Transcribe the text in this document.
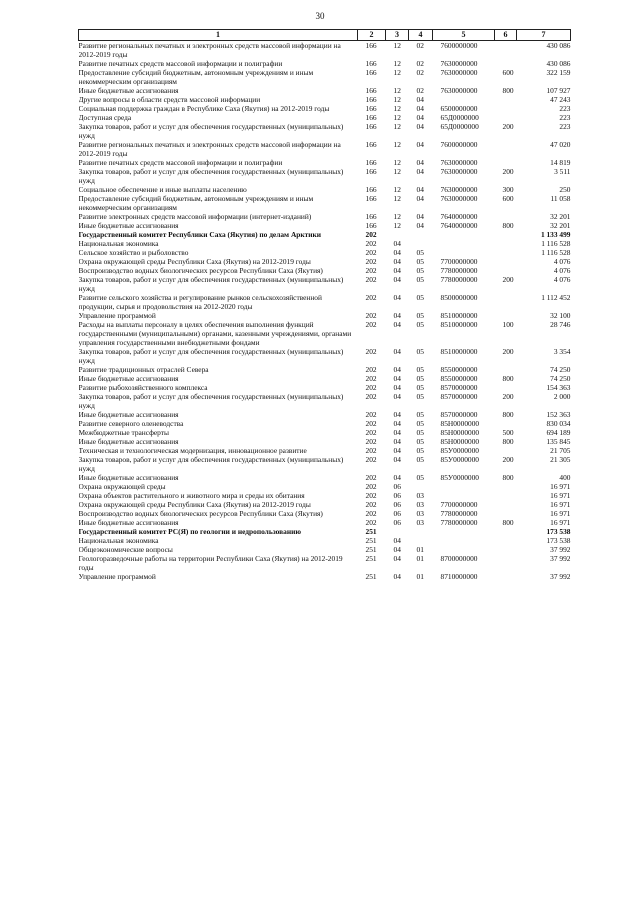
30
1	2	3	4	5	6	7
Развитие региональных печатных и электронных средств массовой информации на 2012-2019 годы	166	12	02	7600000000		430 086
Развитие печатных средств массовой информации и полиграфии	166	12	02	7630000000		430 086
Предоставление субсидий бюджетным, автономным учреждениям и иным некоммерческим организациям	166	12	02	7630000000	600	322 159
Иные бюджетные ассигнования	166	12	02	7630000000	800	107 927
Другие вопросы в области средств массовой информации	166	12	04			47 243
Социальная поддержка граждан в Республике Саха (Якутия) на 2012-2019 годы	166	12	04	6500000000		223
Доступная среда	166	12	04	65Д0000000		223
Закупка товаров, работ и услуг для обеспечения государственных (муниципальных) нужд	166	12	04	65Д0000000	200	223
Развитие региональных печатных и электронных средств массовой информации на 2012-2019 годы	166	12	04	7600000000		47 020
Развитие печатных средств массовой информации и полиграфии	166	12	04	7630000000		14 819
Закупка товаров, работ и услуг для обеспечения государственных (муниципальных) нужд	166	12	04	7630000000	200	3 511
Социальное обеспечение и иные выплаты населению	166	12	04	7630000000	300	250
Предоставление субсидий бюджетным, автономным учреждениям и иным некоммерческим организациям	166	12	04	7630000000	600	11 058
Развитие электронных средств массовой информации (интернет-изданий)	166	12	04	7640000000		32 201
Иные бюджетные ассигнования	166	12	04	7640000000	800	32 201
Государственный комитет Республики Саха (Якутия) по делам Арктики	202					1 133 499
Национальная экономика	202	04				1 116 528
Сельское хозяйство и рыболовство	202	04	05			1 116 528
Охрана окружающей среды Республики Саха (Якутия) на 2012-2019 годы	202	04	05	7700000000		4 076
Воспроизводство водных биологических ресурсов Республики Саха (Якутия)	202	04	05	7780000000		4 076
Закупка товаров, работ и услуг для обеспечения государственных (муниципальных) нужд	202	04	05	7780000000	200	4 076
Развитие сельского хозяйства и регулирование рынков сельскохозяйственной продукции, сырья и продовольствия на 2012-2020 годы	202	04	05	8500000000		1 112 452
Управление программой	202	04	05	8510000000		32 100
Расходы на выплаты персоналу в целях обеспечения выполнения функций государственными (муниципальными) органами, казенными учреждениями, органами управления государственными внебюджетными фондами	202	04	05	8510000000	100	28 746
Закупка товаров, работ и услуг для обеспечения государственных (муниципальных) нужд	202	04	05	8510000000	200	3 354
Развитие традиционных отраслей Севера	202	04	05	8550000000		74 250
Иные бюджетные ассигнования	202	04	05	8550000000	800	74 250
Развитие рыбохозяйственного комплекса	202	04	05	8570000000		154 363
Закупка товаров, работ и услуг для обеспечения государственных (муниципальных) нужд	202	04	05	8570000000	200	2 000
Иные бюджетные ассигнования	202	04	05	8570000000	800	152 363
Развитие северного оленеводства	202	04	05	85Н0000000		830 034
Межбюджетные трансферты	202	04	05	85Н0000000	500	694 189
Иные бюджетные ассигнования	202	04	05	85Н0000000	800	135 845
Техническая и технологическая модернизация, инновационное развитие	202	04	05	85У0000000		21 705
Закупка товаров, работ и услуг для обеспечения государственных (муниципальных) нужд	202	04	05	85У0000000	200	21 305
Иные бюджетные ассигнования	202	04	05	85У0000000	800	400
Охрана окружающей среды	202	06				16 971
Охрана объектов растительного и животного мира и среды их обитания	202	06	03			16 971
Охрана окружающей среды Республики Саха (Якутия) на 2012-2019 годы	202	06	03	7700000000		16 971
Воспроизводство водных биологических ресурсов Республики Саха (Якутия)	202	06	03	7780000000		16 971
Иные бюджетные ассигнования	202	06	03	7780000000	800	16 971
Государственный комитет РС(Я) по геологии и недропользованию	251					173 538
Национальная экономика	251	04				173 538
Общеэкономические вопросы	251	04	01			37 992
Геологоразведочные работы на территории Республики Саха (Якутия) на 2012-2019 годы	251	04	01	8700000000		37 992
Управление программой	251	04	01	8710000000		37 992
